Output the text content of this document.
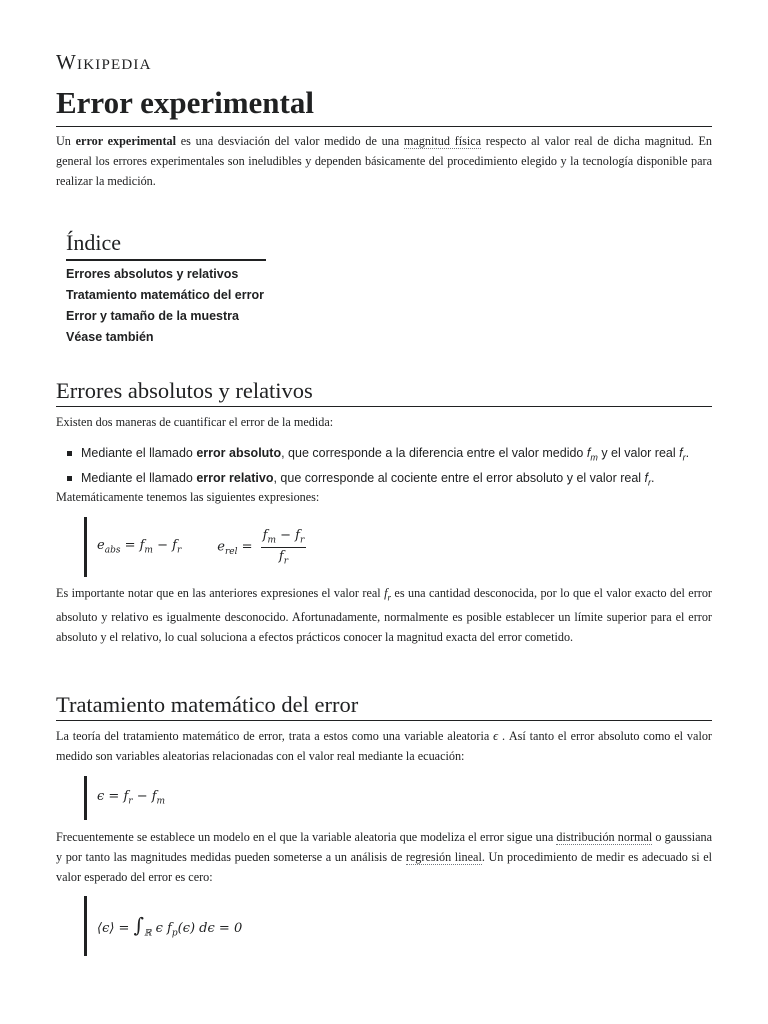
Wikipedia
Error experimental

Un error experimental es una desviación del valor medido de una magnitud física respecto al valor real de dicha magnitud. En general los errores experimentales son ineludibles y dependen básicamente del procedimiento elegido y la tecnología disponible para realizar la medición.

Índice
Errores absolutos y relativos
Tratamiento matemático del error
Error y tamaño de la muestra
Véase también
Errores absolutos y relativos

Existen dos maneras de cuantificar el error de la medida:

Mediante el llamado error absoluto, que corresponde a la diferencia entre el valor medido $f_m$ y el valor real $f_r$.
Mediante el llamado error relativo, que corresponde al cociente entre el error absoluto y el valor real $f_r$.

Matemáticamente tenemos las siguientes expresiones:

$e_{abs} = f_m - f_r$	$e_{rel} = \frac{f_m - f_r}{f_r}$

Es importante notar que en las anteriores expresiones el valor real $f_r$ es una cantidad desconocida, por lo que el valor exacto del error absoluto y relativo es igualmente desconocido. Afortunadamente, normalmente es posible establecer un límite superior para el error absoluto y el relativo, lo cual soluciona a efectos prácticos conocer la magnitud exacta del error cometido.

Tratamiento matemático del error

La teoría del tratamiento matemático de error, trata a estos como una variable aleatoria ϵ . Así tanto el error absoluto como el valor medido son variables aleatorias relacionadas con el valor real mediante la ecuación:

$\epsilon = f_r - f_m$

Frecuentemente se establece un modelo en el que la variable aleatoria que modeliza el error sigue una distribución normal o gaussiana y por tanto las magnitudes medidas pueden someterse a un análisis de regresión lineal. Un procedimiento de medir es adecuado si el valor esperado del error es cero:

⟨ϵ⟩ = $\int_ℝ$ ϵ $f_p(\epsilon) d\epsilon = 0$
